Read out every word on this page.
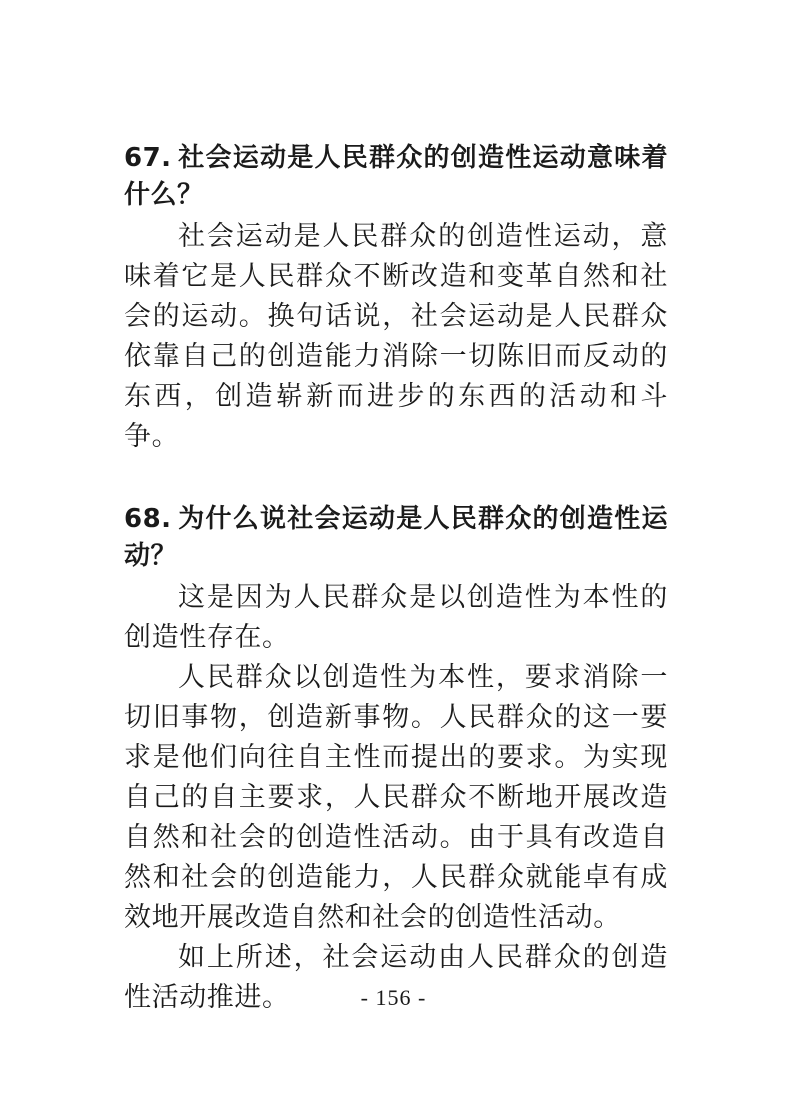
67. 社会运动是人民群众的创造性运动意味着什么？

社会运动是人民群众的创造性运动，意味着它是人民群众不断改造和变革自然和社会的运动。换句话说，社会运动是人民群众依靠自己的创造能力消除一切陈旧而反动的东西，创造崭新而进步的东西的活动和斗争。

68. 为什么说社会运动是人民群众的创造性运动？

这是因为人民群众是以创造性为本性的创造性存在。

人民群众以创造性为本性，要求消除一切旧事物，创造新事物。人民群众的这一要求是他们向往自主性而提出的要求。为实现自己的自主要求，人民群众不断地开展改造自然和社会的创造性活动。由于具有改造自然和社会的创造能力，人民群众就能卓有成效地开展改造自然和社会的创造性活动。

如上所述，社会运动由人民群众的创造性活动推进。	- 156 -
